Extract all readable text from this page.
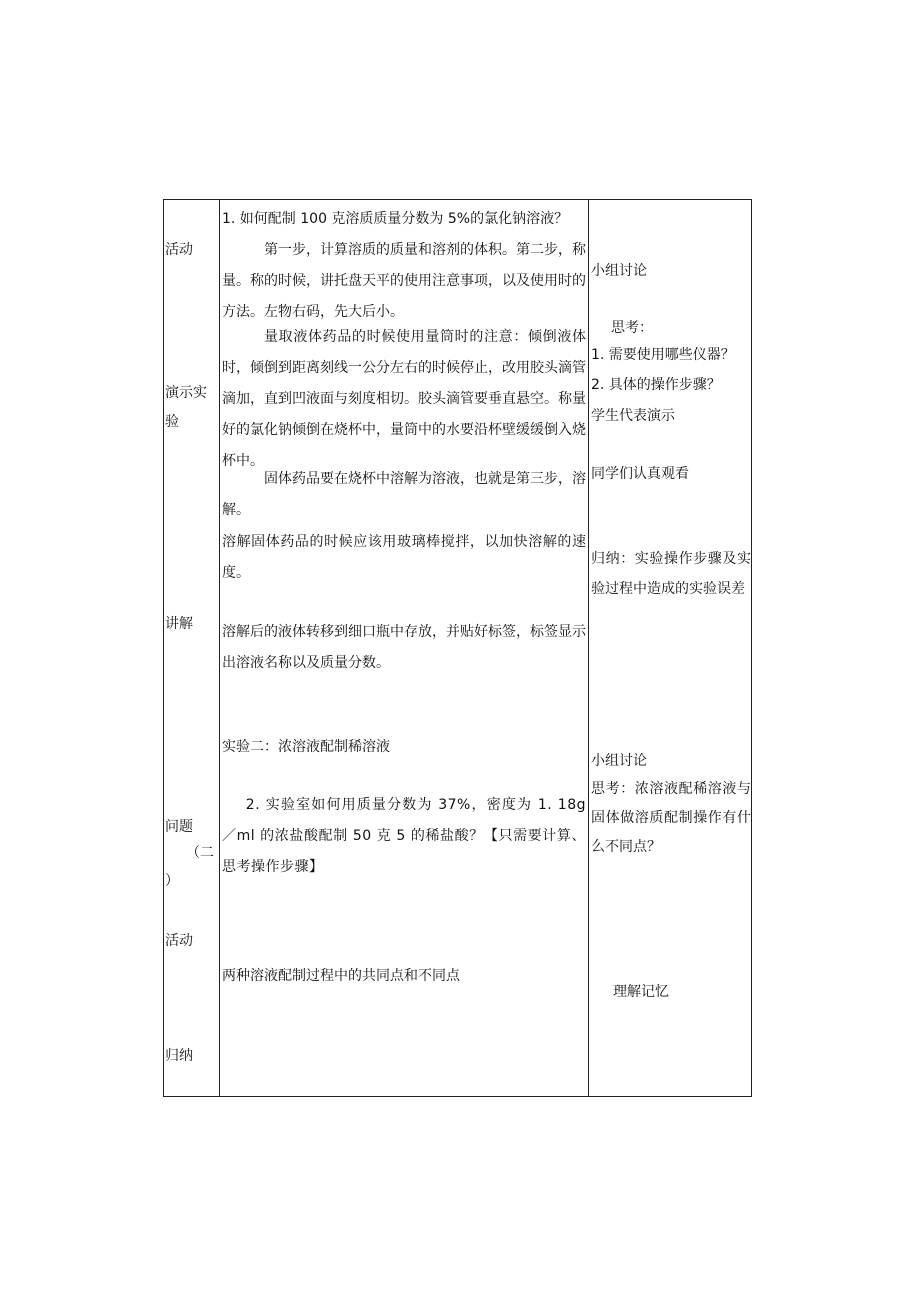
活动
演示实
验
讲解
问题
（二
）
活动
归纳
1. 如何配制 100 克溶质质量分数为 5%的氯化钠溶液？
第一步，计算溶质的质量和溶剂的体积。第二步，称量。称的时候，讲托盘天平的使用注意事项，以及使用时的方法。左物右码，先大后小。
量取液体药品的时候使用量筒时的注意：倾倒液体时，倾倒到距离刻线一公分左右的时候停止，改用胶头滴管滴加，直到凹液面与刻度相切。胶头滴管要垂直悬空。称量好的氯化钠倾倒在烧杯中，量筒中的水要沿杯壁缓缓倒入烧杯中。
固体药品要在烧杯中溶解为溶液，也就是第三步，溶解。
溶解固体药品的时候应该用玻璃棒搅拌，以加快溶解的速度。
溶解后的液体转移到细口瓶中存放，并贴好标签，标签显示出溶液名称以及质量分数。
实验二：浓溶液配制稀溶液
2. 实验室如何用质量分数为 37%，密度为 1. 18g／ml 的浓盐酸配制 50 克 5 的稀盐酸？【只需要计算、思考操作步骤】
两种溶液配制过程中的共同点和不同点
小组讨论
思考：
1. 需要使用哪些仪器？
2. 具体的操作步骤？
学生代表演示
同学们认真观看
归纳：实验操作步骤及实验过程中造成的实验误差
小组讨论
思考：浓溶液配稀溶液与固体做溶质配制操作有什么不同点？
理解记忆
